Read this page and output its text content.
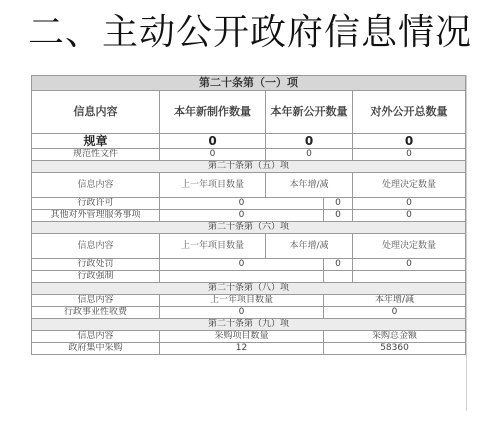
二、主动公开政府信息情况
第二十条第（一）项				
信息内容	本年新制作数量	本年新公开数量		对外公开总数量
规章	0	0		0
规范性文件	0	0		0
第二十条第（五）项				
信息内容	上一年项目数量	本年增/减		处理决定数量
行政许可	0		0	0
其他对外管理服务事项	0		0	0
第二十条第（六）项				
信息内容	上一年项目数量	本年增/减		处理决定数量
行政处罚	0		0	0
行政强制				
第二十条第（八）项				
信息内容	上一年项目数量		本年增/减	
行政事业性收费	0		0	
第二十条第（九）项				
信息内容	采购项目数量		采购总金额	
政府集中采购	12		58360	
